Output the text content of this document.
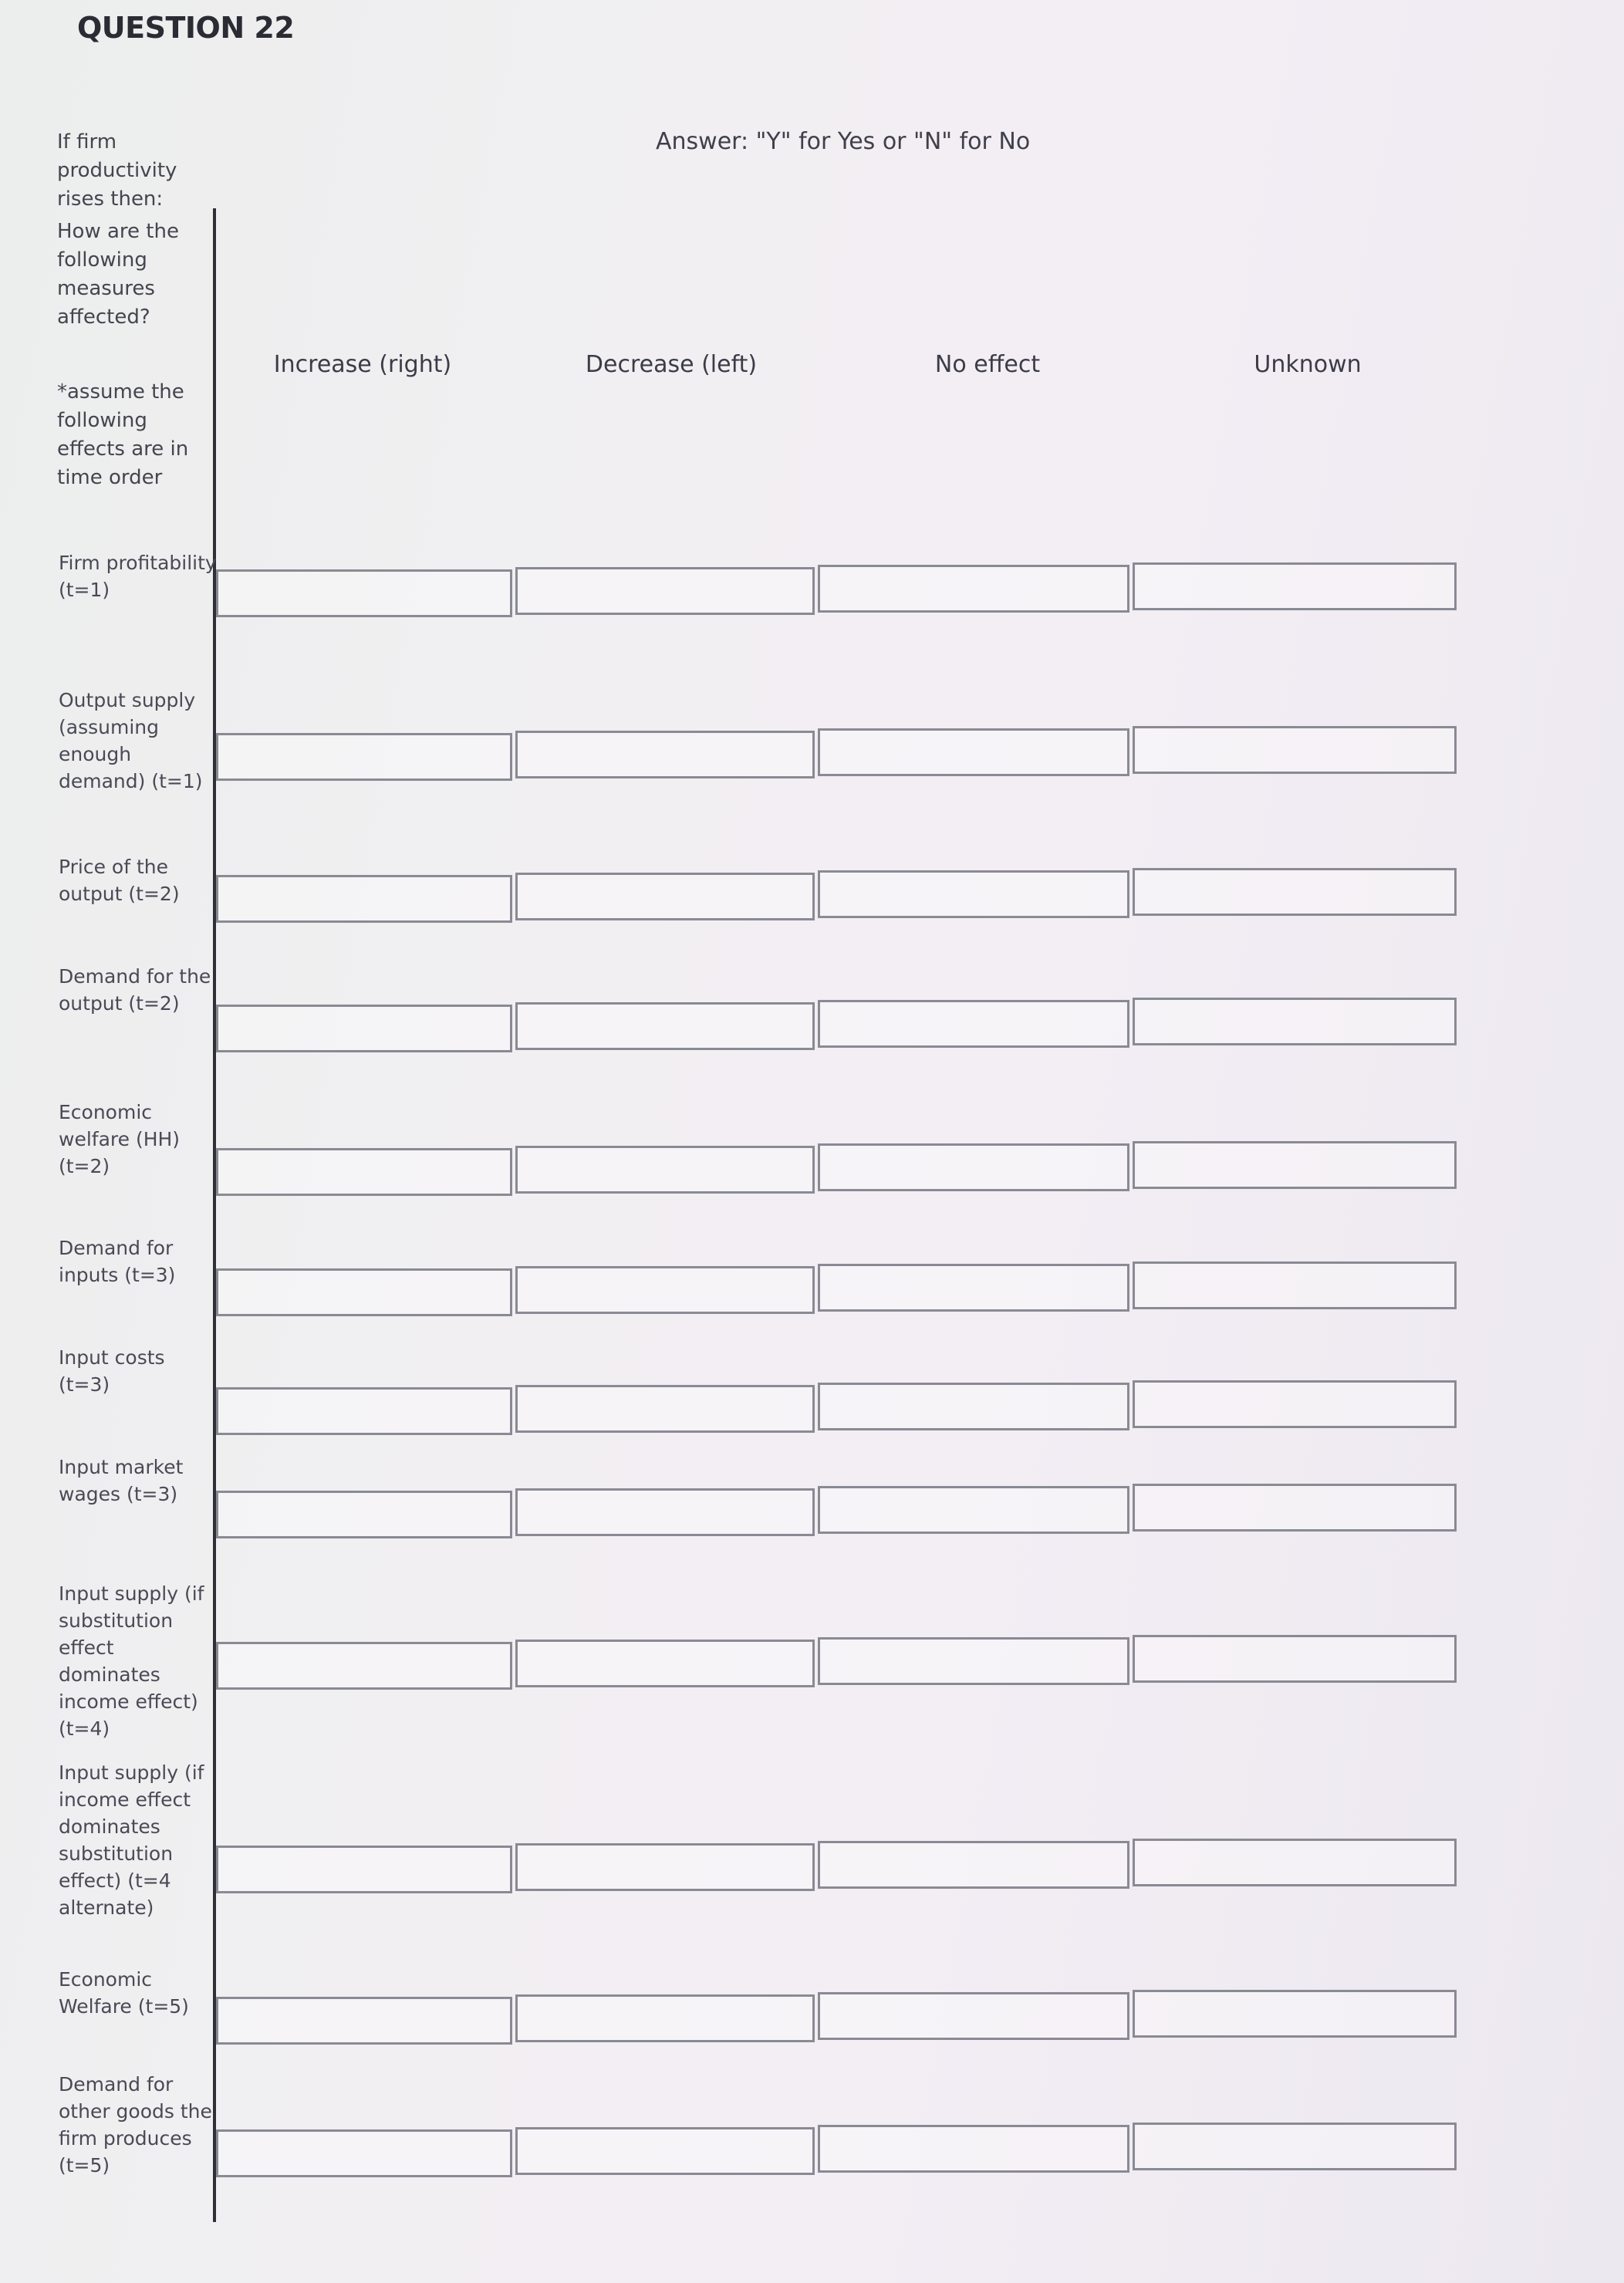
QUESTION 22
Answer: "Y" for Yes or "N" for No
If firm productivity rises then:
How are the following measures affected?
*assume the following effects are in time order
Increase (right)	Decrease (left)	No effect	Unknown
Firm profitability (t=1)
Output supply (assuming enough demand) (t=1)
Price of the output (t=2)
Demand for the output (t=2)
Economic welfare (HH) (t=2)
Demand for inputs (t=3)
Input costs (t=3)
Input market wages (t=3)
Input supply (if substitution effect dominates income effect) (t=4)
Input supply (if income effect dominates substitution effect) (t=4 alternate)
Economic Welfare (t=5)
Demand for other goods the firm produces (t=5)
